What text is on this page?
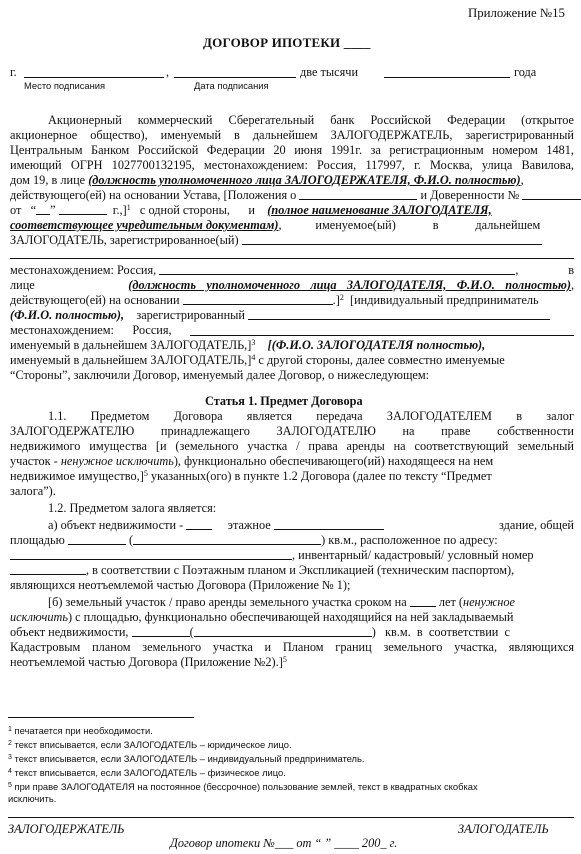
Приложение №15
ДОГОВОР ИПОТЕКИ ____
г.	,	две тысячи	года
Место подписания	Дата подписания
Акционерный коммерческий Сберегательный банк Российской Федерации (открытое
акционерное общество), именуемый в дальнейшем ЗАЛОГОДЕРЖАТЕЛЬ, зарегистрированный
Центральным Банком Российской Федерации 20 июня 1991г. за регистрационным номером 1481,
имеющий ОГРН 1027700132195, местонахождением: Россия, 117997, г. Москва, улица Вавилова,
дом 19, в лице (должность уполномоченного лица ЗАЛОГОДЕРЖАТЕЛЯ, Ф.И.О. полностью),
действующего(ей) на основании Устава, [Положения о	и Доверенности №
от “ ”	г.,]$^1$ с одной стороны, и (полное наименование ЗАЛОГОДАТЕЛЯ,
соответствующее учредительным документам),	именуемое(ый)	в	дальнейшем
ЗАЛОГОДАТЕЛЬ, зарегистрированное(ый)
местонахождением: Россия,	,	в
лице	(должность уполномоченного лица ЗАЛОГОДАТЕЛЯ, Ф.И.О. полностью),
действующего(ей) на основании	.]$^2$ [индивидуальный предприниматель
(Ф.И.О. полностью), зарегистрированный
местонахождением: Россия,
именуемый в дальнейшем ЗАЛОГОДАТЕЛЬ,]$^3$ [(Ф.И.О. ЗАЛОГОДАТЕЛЯ полностью),
именуемый в дальнейшем ЗАЛОГОДАТЕЛЬ,]$^4$ с другой стороны, далее совместно именуемые
“Стороны”, заключили Договор, именуемый далее Договор, о нижеследующем:
Статья 1. Предмет Договора
1.1. Предметом Договора является передача ЗАЛОГОДАТЕЛЕМ в залог
ЗАЛОГОДЕРЖАТЕЛЮ принадлежащего ЗАЛОГОДАТЕЛЮ на праве собственности
недвижимого имущества [и (земельного участка / права аренды на соответствующий земельный
участок - ненужное исключить), функционально обеспечивающего(ий) находящееся на нем
недвижимое имущество,]$^5$ указанных(ого) в пункте 1.2 Договора (далее по тексту “Предмет
залога”).
1.2. Предметом залога является:
а) объект недвижимости -	этажное	здание, общей
площадью	(	) кв.м., расположенное по адресу:
, инвентарный/ кадастровый/ условный номер
, в соответствии с Поэтажным планом и Экспликацией (техническим паспортом),
являющихся неотъемлемой частью Договора (Приложение № 1);
[б) земельный участок / право аренды земельного участка сроком на	лет (ненужное
исключить) с площадью, функционально обеспечивающей находящийся на ней закладываемый
объект недвижимости,	(	) кв.м. в соответствии с
Кадастровым планом земельного участка и Планом границ земельного участка, являющихся
неотъемлемой частью Договора (Приложение №2).]$^5$
$^1$ печатается при необходимости.
$^2$ текст вписывается, если ЗАЛОГОДАТЕЛЬ – юридическое лицо.
$^3$ текст вписывается, если ЗАЛОГОДАТЕЛЬ – индивидуальный предприниматель.
$^4$ текст вписывается, если ЗАЛОГОДАТЕЛЬ – физическое лицо.
$^5$ при праве ЗАЛОГОДАТЕЛЯ на постоянное (бессрочное) пользование землей, текст в квадратных скобках
исключить.
ЗАЛОГОДЕРЖАТЕЛЬ	ЗАЛОГОДАТЕЛЬ
Договор ипотеки №___ от “ ” ____ 200_ г.
